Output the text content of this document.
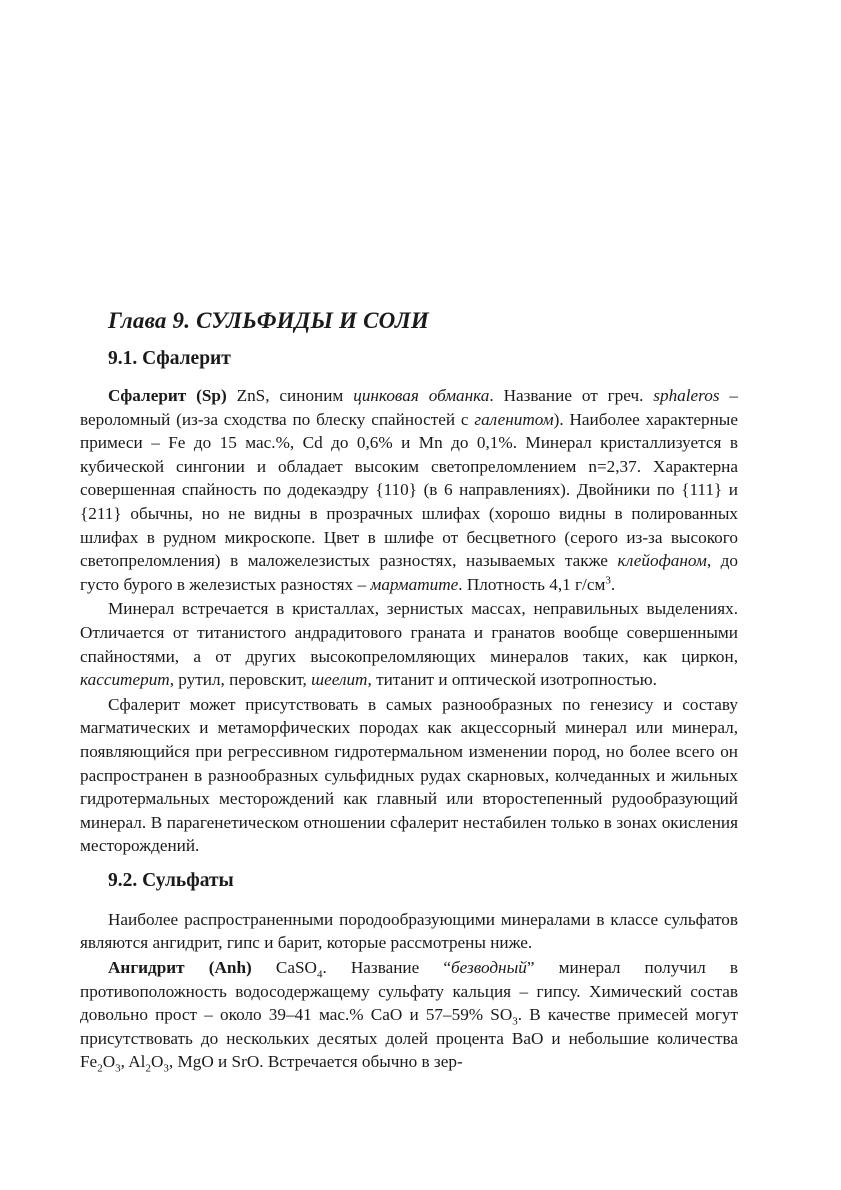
Глава 9. СУЛЬФИДЫ И СОЛИ
9.1. Сфалерит

Сфалерит (Sp) ZnS, синоним цинковая обманка. Название от греч. sphaleros – вероломный (из-за сходства по блеску спайностей с галенитом). Наиболее характерные примеси – Fe до 15 мас.%, Cd до 0,6% и Mn до 0,1%. Минерал кристаллизуется в кубической сингонии и обладает высоким светопреломлением n=2,37. Характерна совершенная спайность по додекаэдру {110} (в 6 направлениях). Двойники по {111} и {211} обычны, но не видны в прозрачных шлифах (хорошо видны в полированных шлифах в рудном микроскопе. Цвет в шлифе от бесцветного (серого из-за высокого светопреломления) в маложелезистых разностях, называемых также клейофаном, до густо бурого в железистых разностях – марматите. Плотность 4,1 $г/см^3$.

Минерал встречается в кристаллах, зернистых массах, неправильных выделениях. Отличается от титанистого андрадитового граната и гранатов вообще совершенными спайностями, а от других высокопреломляющих минералов таких, как циркон, касситерит, рутил, перовскит, шеелит, титанит и оптической изотропностью.

Сфалерит может присутствовать в самых разнообразных по генезису и составу магматических и метаморфических породах как акцессорный минерал или минерал, появляющийся при регрессивном гидротермальном изменении пород, но более всего он распространен в разнообразных сульфидных рудах скарновых, колчеданных и жильных гидротермальных месторождений как главный или второстепенный рудообразующий минерал. В парагенетическом отношении сфалерит нестабилен только в зонах окисления месторождений.

9.2. Сульфаты

Наиболее распространенными породообразующими минералами в классе сульфатов являются ангидрит, гипс и барит, которые рассмотрены ниже.

Ангидрит (Anh) CaSO$_4$. Название “безводный” минерал получил в противоположность водосодержащему сульфату кальция – гипсу. Химический состав довольно прост – около 39–41 мас.% CaO и 57–59% $SO_3$. В качестве примесей могут присутствовать до нескольких десятых долей процента BaO и небольшие количества $Fe_2O_3$, $Al_2O_3$, MgO и SrO. Встречается обычно в зер-
